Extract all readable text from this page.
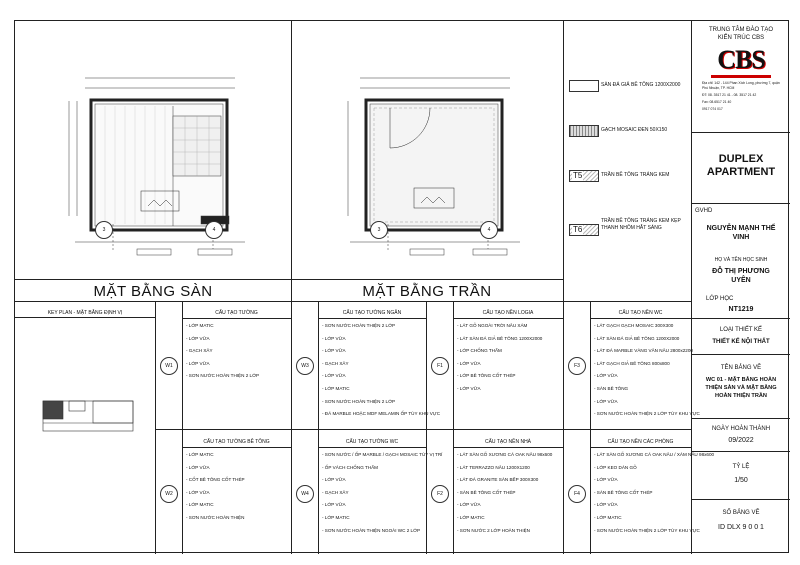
3	4	3	4
MẶT BẰNG SÀN	MẶT BẰNG TRẦN
SÀN ĐÁ GIẢ BÊ TÔNG 1200X2000
GẠCH MOSAIC ĐEN 50X150
T5	TRẦN BÊ TÔNG TRÁNG KEM
T6
TRẦN BÊ TÔNG TRÁNG KEM KẸP THANH NHÔM HẮT SÁNG
KEY PLAN - MẶT BẰNG ĐỊNH VỊ
TRUNG TÂM ĐÀO TẠO
KIẾN TRÚC CBS
CBS
Địa chỉ: 142 - 144 Phan Xích Long, phường 7, quận Phú Nhuận, TP. HCM
ĐT: 08. 3517 21 41 - 08. 3517 21 42
Fax: 08.6517 21 40
0917 074 017
DUPLEX APARTMENT
GVHD
NGUYỄN MẠNH THẾ VINH
HỌ VÀ TÊN HỌC SINH
ĐỖ THỊ PHƯƠNG UYÊN
LỚP HỌC
NT1219
LOẠI THIẾT KẾ
THIẾT KẾ NỘI THẤT
TÊN BẢNG VẼ
WC 01 - MẶT BẰNG HOÀN THIỆN SÀN VÀ MẶT BẰNG HOÀN THIỆN TRẦN
NGÀY HOÀN THÀNH
09/2022
TỶ LỆ
1/50
SỐ BẢNG VẼ
ID DLX 9 0 0 1
CẤU TẠO TƯỜNG
W1
- LỚP MATIC
- LỚP VỮA
- GẠCH XÂY
- LỚP VỮA
- SƠN NƯỚC HOÀN THIỆN 2 LỚP
CẤU TẠO TƯỜNG NGĂN
W3
- SƠN NƯỚC HOÀN THIỆN 2 LỚP
- LỚP VỮA
- LỚP VỮA
- GẠCH XÂY
- LỚP VỮA
- LỚP MATIC
- SƠN NƯỚC HOÀN THIỆN 2 LỚP
- ĐÁ MARBLE HOẶC MDF MELAMIN ỐP TÙY KHU VỰC
CẤU TẠO NỀN LOGIA
F1
- LÁT GỖ NGOÀI TRỜI NÂU XÁM
- LÁT SÀN ĐÁ GIẢ BÊ TÔNG 1200X2000
- LỚP CHỐNG THẤM
- LỚP VỮA
- LỚP BÊ TÔNG CỐT THÉP
- LỚP VỮA
CẤU TẠO NỀN WC
F3
- LÁT GẠCH GẠCH MOSAIC 300X300
- LÁT SÀN ĐÁ GIẢ BÊ TÔNG 1200X2000
- LÁT ĐÁ MARBLE VÀNG VÂN NÂU 2800x2200
- LÁT GẠCH GIẢ BÊ TÔNG 800x800
- LỚP VỮA
- SÀN BÊ TÔNG
- LỚP VỮA
- SƠN NƯỚC HOÀN THIỆN 2 LỚP TÙY KHU VỰC
CẤU TẠO TƯỜNG BÊ TÔNG
W2
- LỚP MATIC
- LỚP VỮA
- CỐT BÊ TÔNG CỐT THÉP
- LỚP VỮA
- LỚP MATIC
- SƠN NƯỚC HOÀN THIỆN
CẤU TẠO TƯỜNG WC
W4
- SƠN NƯỚC / ỐP MARBLE / GẠCH MOSAIC TÙY VỊ TRÍ
- ỐP VÁCH CHỐNG THẤM
- LỚP VỮA
- GẠCH XÂY
- LỚP VỮA
- LỚP MATIC
- SƠN NƯỚC HOÀN THIỆN NGOÀI WC 2 LỚP
CẤU TẠO NỀN NHÀ
F2
- LÁT SÀN GỖ XƯƠNG CÁ OAK NÂU 98x600
- LÁT TERRAZZO NÂU 1200X1200
- LÁT ĐÁ GRANITE SÀN BẾP 300X300
- SÀN BÊ TÔNG CỐT THÉP
- LỚP VỮA
- LỚP MATIC
- SƠN NƯỚC 2 LỚP HOÀN THIỆN
CẤU TẠO NỀN CÁC PHÒNG
F4
- LÁT SÀN GỖ XƯƠNG CÁ OAK NÂU / XÁM NÂU 98x600
- LỚP KEO DÁN GỖ
- LỚP VỮA
- SÀN BÊ TÔNG CỐT THÉP
- LỚP VỮA
- LỚP MATIC
- SƠN NƯỚC HOÀN THIỆN 2 LỚP TÙY KHU VỰC
